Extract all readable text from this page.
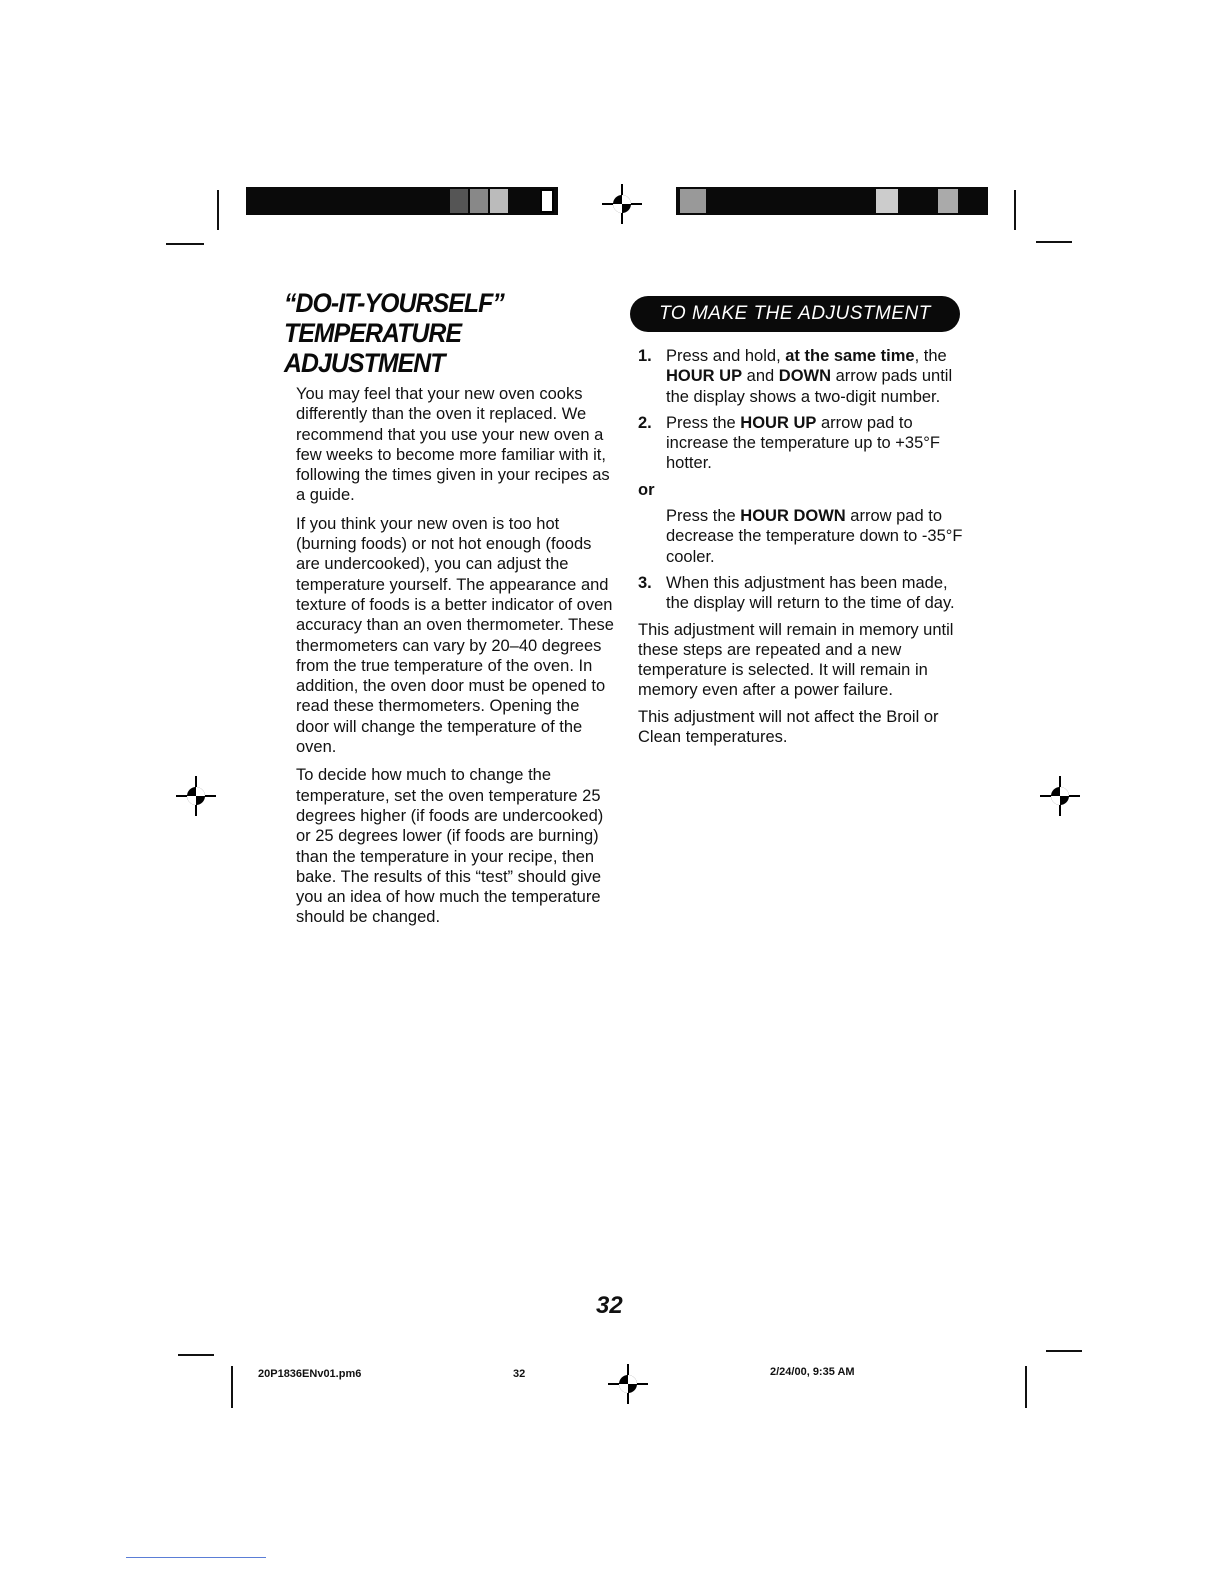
“DO-IT-YOURSELF”
TEMPERATURE
ADJUSTMENT

You may feel that your new oven cooks differently than the oven it replaced. We recommend that you use your new oven a few weeks to become more familiar with it, following the times given in your recipes as a guide.

If you think your new oven is too hot (burning foods) or not hot enough (foods are undercooked), you can adjust the temperature yourself. The appearance and texture of foods is a better indicator of oven accuracy than an oven thermometer. These thermometers can vary by 20–40 degrees from the true temperature of the oven. In addition, the oven door must be opened to read these thermometers. Opening the door will change the temperature of the oven.

To decide how much to change the temperature, set the oven temperature 25 degrees higher (if foods are undercooked) or 25 degrees lower (if foods are burning) than the temperature in your recipe, then bake. The results of this “test” should give you an idea of how much the temperature should be changed.

TO MAKE THE ADJUSTMENT
1. Press and hold, at the same time, the HOUR UP and DOWN arrow pads until the display shows a two-digit number.
2. Press the HOUR UP arrow pad to increase the temperature up to +35°F hotter.
or
Press the HOUR DOWN arrow pad to decrease the temperature down to -35°F cooler.
3. When this adjustment has been made, the display will return to the time of day.

This adjustment will remain in memory until these steps are repeated and a new temperature is selected. It will remain in memory even after a power failure.

This adjustment will not affect the Broil or Clean temperatures.

32
20P1836ENv01.pm6	32	2/24/00, 9:35 AM
